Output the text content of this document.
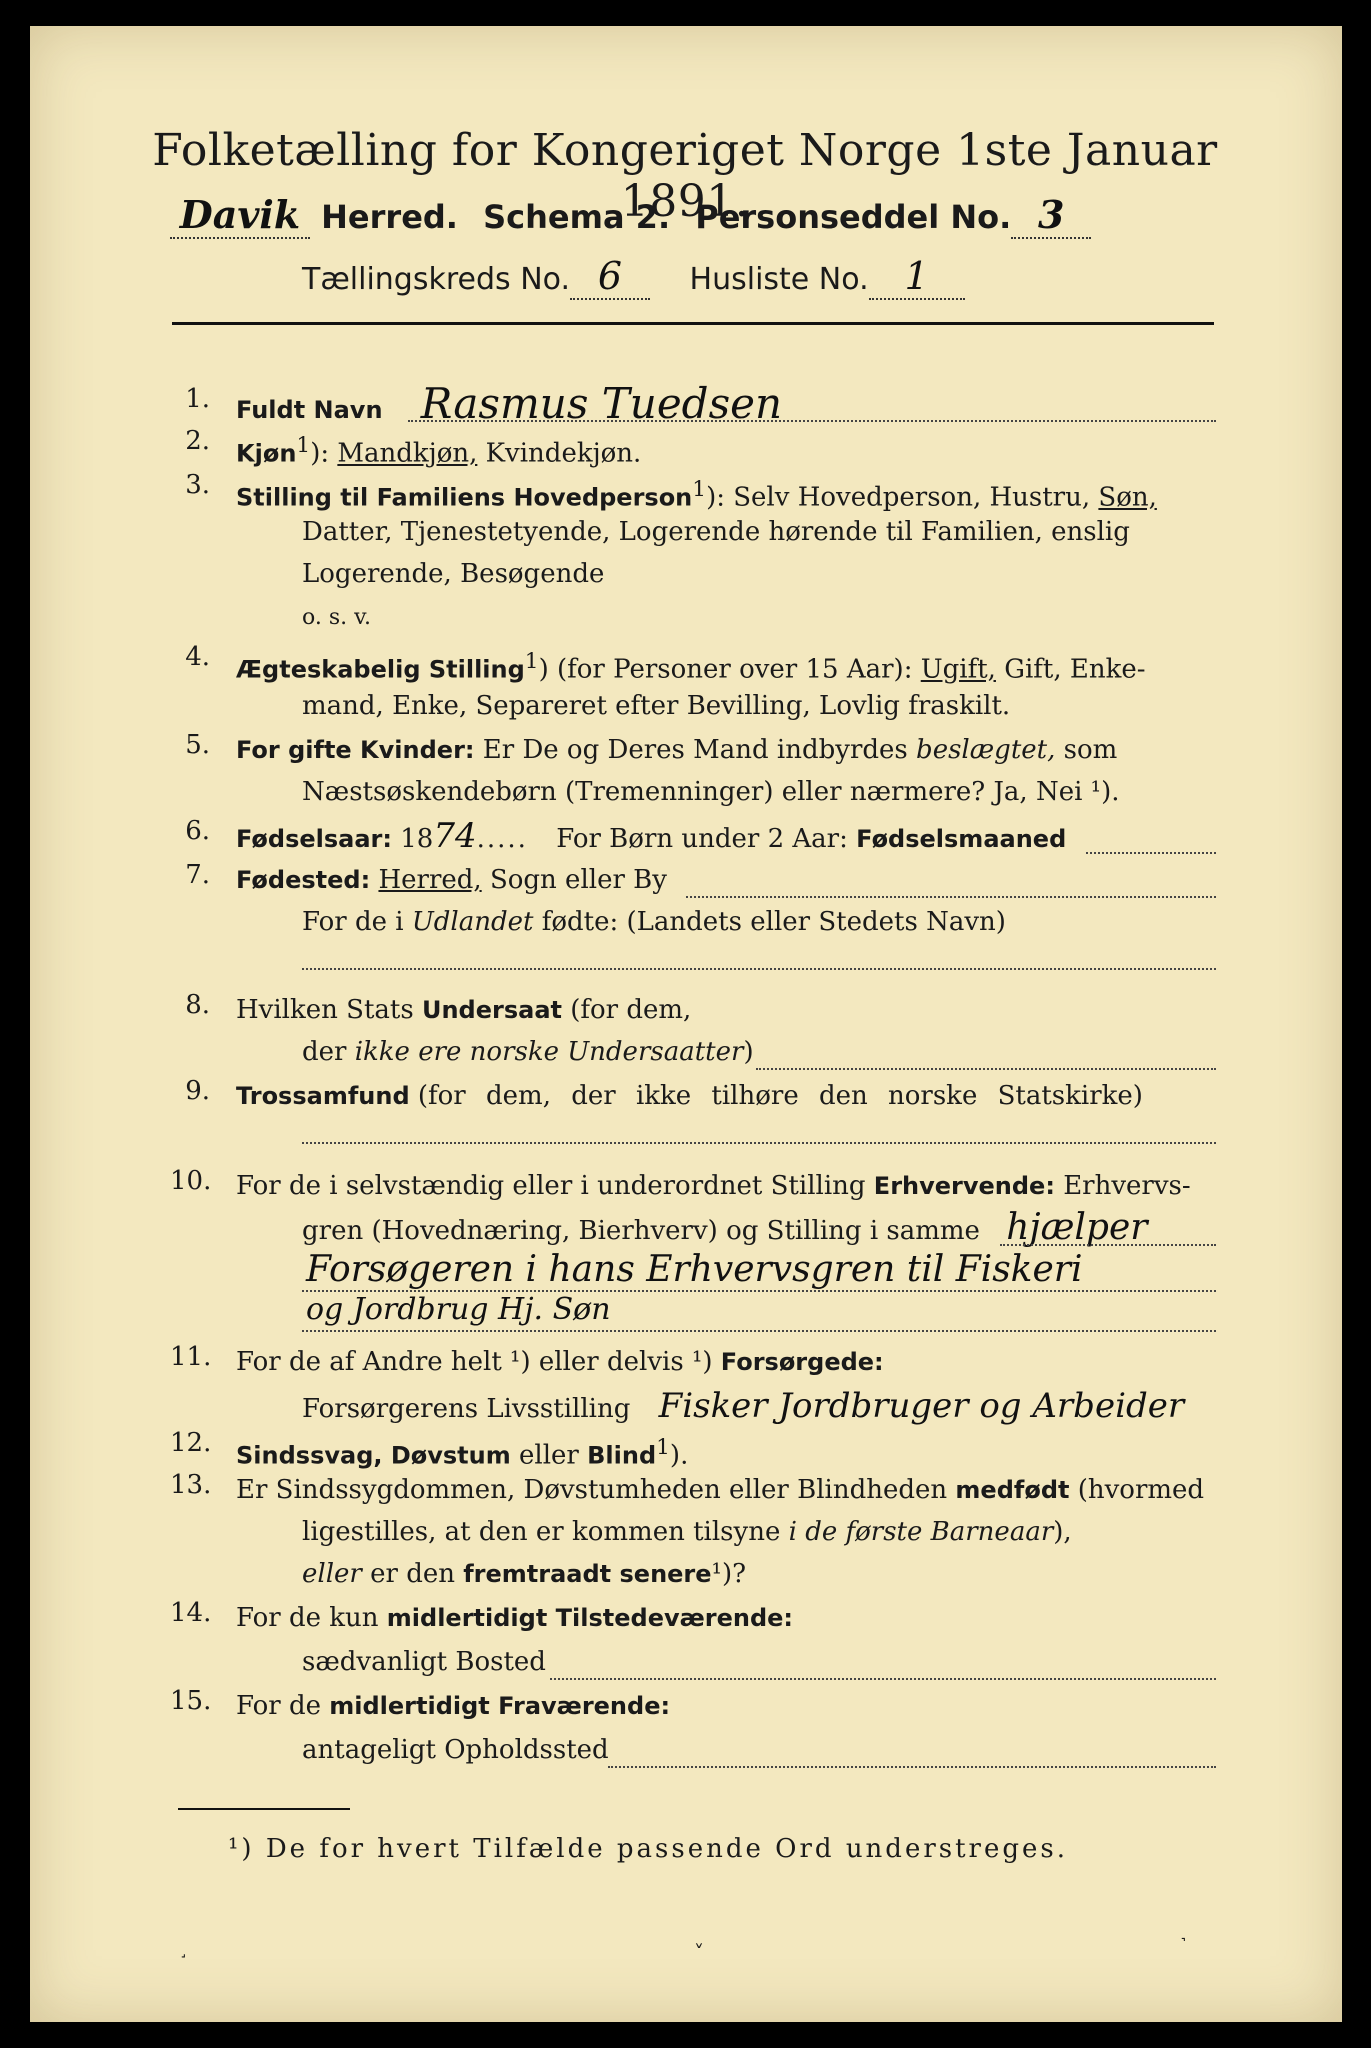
Folketælling for Kongeriget Norge 1ste Januar 1891.
Davik Herred. Schema 2. Personseddel No. 3
Tællingskreds No. 6 Husliste No. 1
1. Fuldt Navn Rasmus Tuedsen
2. Kjøn$^1$): Mandkjøn, Kvindekjøn.
3. Stilling til Familiens Hovedperson$^1$): Selv Hovedperson, Hustru, Søn,
Datter, Tjenestetyende, Logerende hørende til Familien, enslig
Logerende, Besøgende
o. s. v.
4. Ægteskabelig Stilling$^1$) (for Personer over 15 Aar): Ugift, Gift, Enke-
mand, Enke, Separeret efter Bevilling, Lovlig fraskilt.
5. For gifte Kvinder: Er De og Deres Mand indbyrdes beslægtet, som
Næstsøskendebørn (Tremenninger) eller nærmere? Ja, Nei ¹).
6. Fødselsaar: 1874..... For Børn under 2 Aar: Fødselsmaaned
7. Fødested: Herred, Sogn eller By
For de i Udlandet fødte: (Landets eller Stedets Navn)
8. Hvilken Stats Undersaat (for dem,
der ikke ere norske Undersaatter)
9. Trossamfund (for dem, der ikke tilhøre den norske Statskirke)
10. For de i selvstændig eller i underordnet Stilling Erhvervende: Erhvervs-
gren (Hovednæring, Bierhverv) og Stilling i samme hjælper
Forsøgeren i hans Erhvervsgren til Fiskeri
og Jordbrug Hj. Søn
11. For de af Andre helt ¹) eller delvis ¹) Forsørgede:
Forsørgerens Livsstilling Fisker Jordbruger og Arbeider
12. Sindssvag, Døvstum eller Blind$^1$).
13. Er Sindssygdommen, Døvstumheden eller Blindheden medfødt (hvormed
ligestilles, at den er kommen tilsyne i de første Barneaar),
eller er den fremtraadt senere¹)?
14. For de kun midlertidigt Tilstedeværende:
sædvanligt Bosted
15. For de midlertidigt Fraværende:
antageligt Opholdssted
¹) De for hvert Tilfælde passende Ord understreges.
˼	˅	˺
